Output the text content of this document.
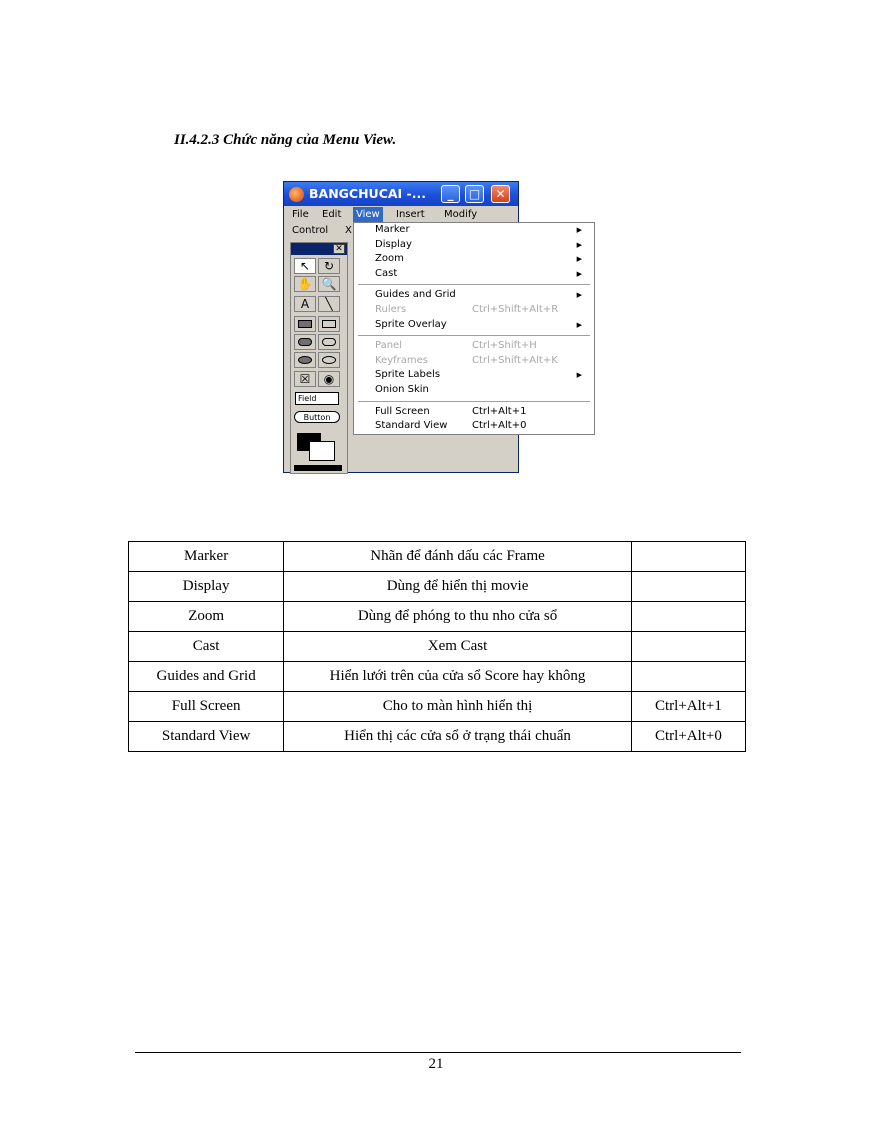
II.4.2.3 Chức năng của Menu View.
BANGCHUCAI -...	_	□	✕
File	Edit	View	Insert	Modify
Control	X
✕
↖	↻
✋ 🔍
A	╲
☒	◉
Field
Button
Marker	▶
Display	▶
Zoom	▶
Cast	▶
Guides and Grid	▶
Rulers	Ctrl+Shift+Alt+R
Sprite Overlay	▶
Panel	Ctrl+Shift+H
Keyframes	Ctrl+Shift+Alt+K
Sprite Labels	▶
Onion Skin
Full Screen	Ctrl+Alt+1
Standard View Ctrl+Alt+0
Marker	Nhãn để đánh dấu các Frame	
Display	Dùng để hiển thị movie	
Zoom	Dùng để phóng to thu nho cửa sổ	
Cast	Xem Cast	
Guides and Grid	Hiển lưới trên của cửa sổ Score hay không	
Full Screen	Cho to màn hình hiển thị	Ctrl+Alt+1
Standard View	Hiển thị các cửa sổ ở trạng thái chuẩn	Ctrl+Alt+0
21
